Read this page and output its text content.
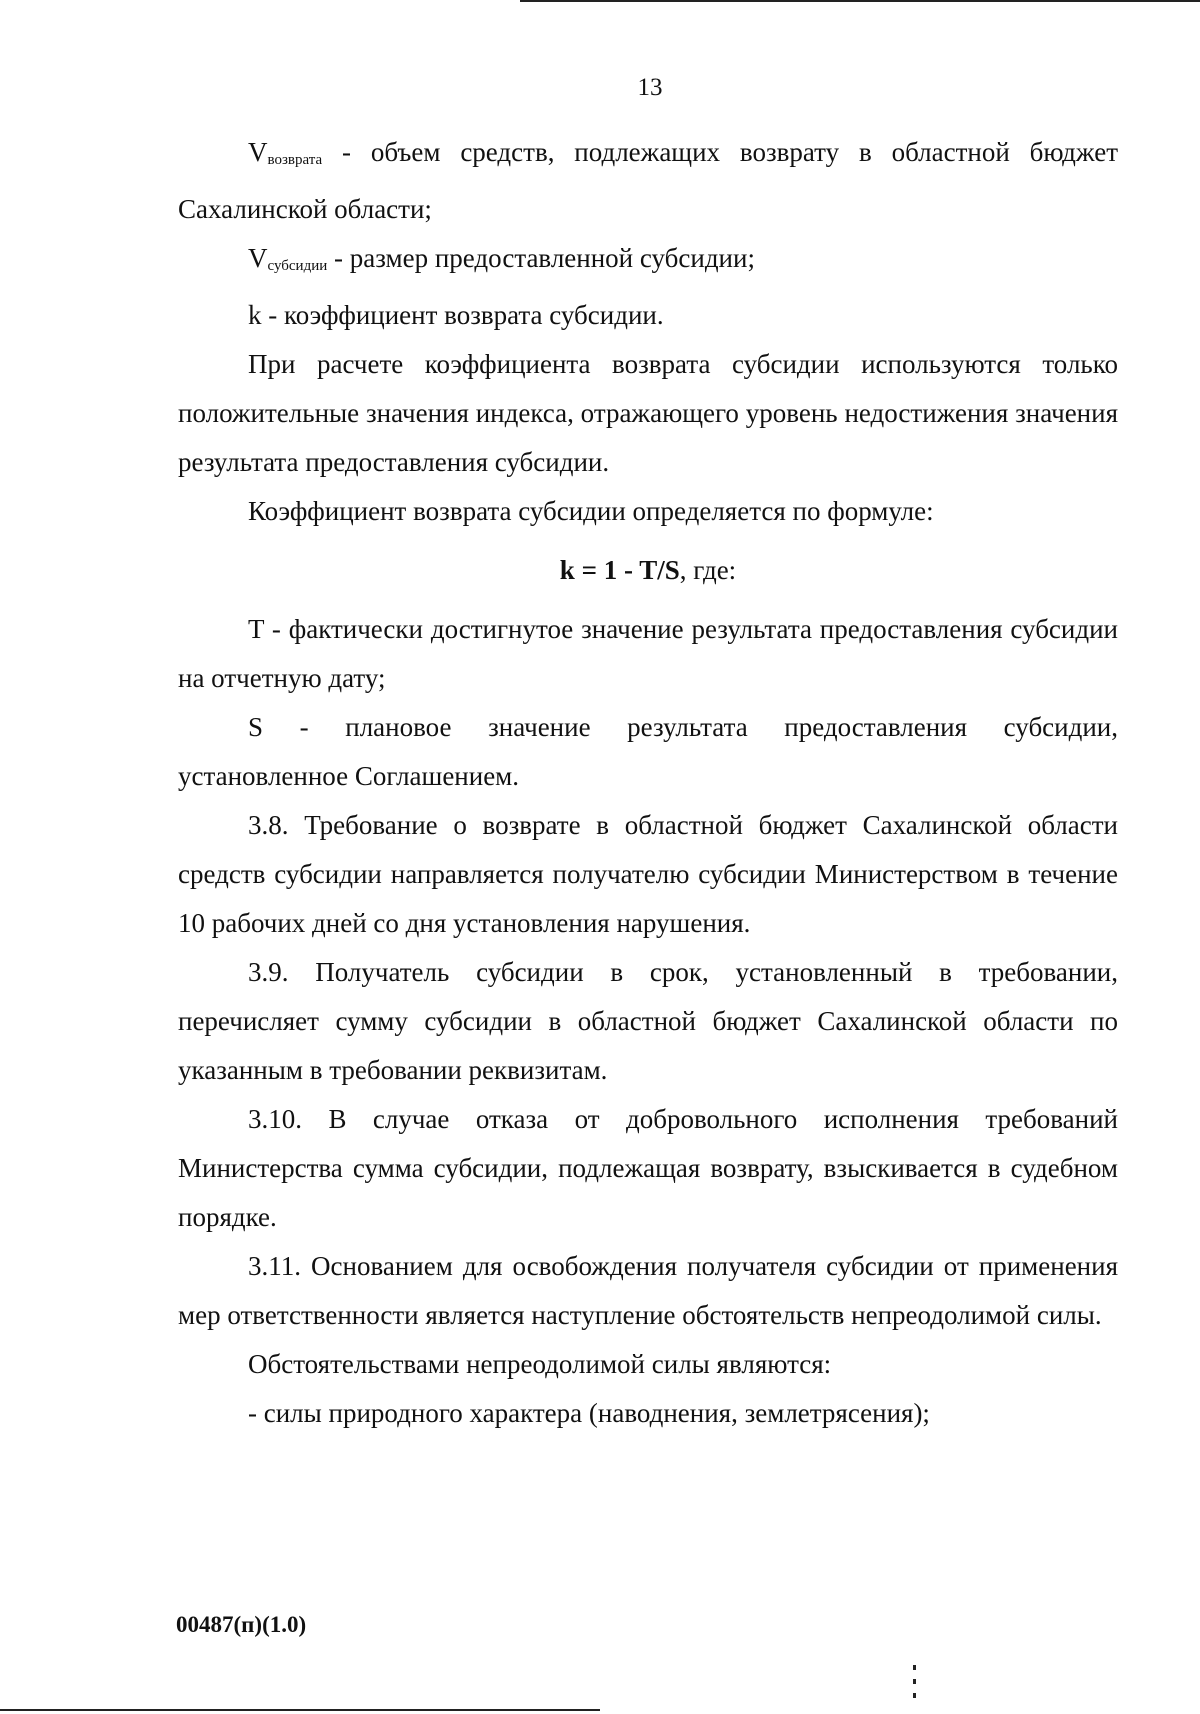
13

$V_{возврата}$ - объем средств, подлежащих возврату в областной бюджет Сахалинской области;

$V_{субсидии}$ - размер предоставленной субсидии;

k - коэффициент возврата субсидии.

При расчете коэффициента возврата субсидии используются только положительные значения индекса, отражающего уровень недостижения значения результата предоставления субсидии.

Коэффициент возврата субсидии определяется по формуле:

k = 1 - T/S, где:

T - фактически достигнутое значение результата предоставления субсидии на отчетную дату;

S - плановое значение результата предоставления субсидии,

установленное Соглашением.

3.8. Требование о возврате в областной бюджет Сахалинской области средств субсидии направляется получателю субсидии Министерством в течение 10 рабочих дней со дня установления нарушения.

3.9. Получатель субсидии в срок, установленный в требовании, перечисляет сумму субсидии в областной бюджет Сахалинской области по указанным в требовании реквизитам.

3.10. В случае отказа от добровольного исполнения требований Министерства сумма субсидии, подлежащая возврату, взыскивается в судебном порядке.

3.11. Основанием для освобождения получателя субсидии от применения мер ответственности является наступление обстоятельств непреодолимой силы.

Обстоятельствами непреодолимой силы являются:

- силы природного характера (наводнения, землетрясения);

00487(п)(1.0)
